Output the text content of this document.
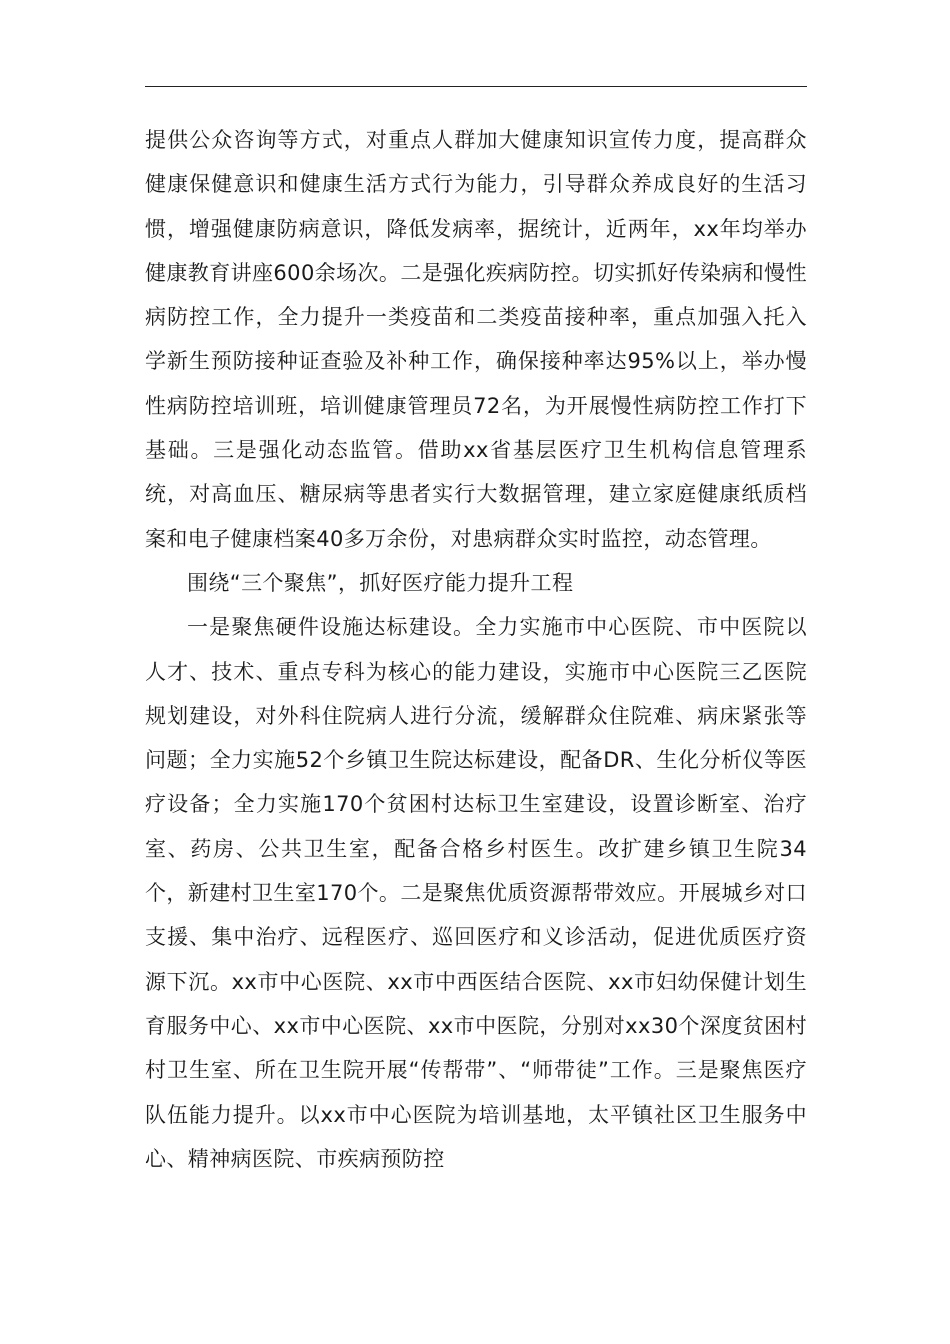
提供公众咨询等方式，对重点人群加大健康知识宣传力度，提高群众健康保健意识和健康生活方式行为能力，引导群众养成良好的生活习惯，增强健康防病意识，降低发病率，据统计，近两年，xx年均举办健康教育讲座600余场次。二是强化疾病防控。切实抓好传染病和慢性病防控工作，全力提升一类疫苗和二类疫苗接种率，重点加强入托入学新生预防接种证查验及补种工作，确保接种率达95%以上，举办慢性病防控培训班，培训健康管理员72名，为开展慢性病防控工作打下基础。三是强化动态监管。借助xx省基层医疗卫生机构信息管理系统，对高血压、糖尿病等患者实行大数据管理，建立家庭健康纸质档案和电子健康档案40多万余份，对患病群众实时监控，动态管理。

围绕“三个聚焦”，抓好医疗能力提升工程

一是聚焦硬件设施达标建设。全力实施市中心医院、市中医院以人才、技术、重点专科为核心的能力建设，实施市中心医院三乙医院规划建设，对外科住院病人进行分流，缓解群众住院难、病床紧张等问题；全力实施52个乡镇卫生院达标建设，配备DR、生化分析仪等医疗设备；全力实施170个贫困村达标卫生室建设，设置诊断室、治疗室、药房、公共卫生室，配备合格乡村医生。改扩建乡镇卫生院34个，新建村卫生室170个。二是聚焦优质资源帮带效应。开展城乡对口支援、集中治疗、远程医疗、巡回医疗和义诊活动，促进优质医疗资源下沉。xx市中心医院、xx市中西医结合医院、xx市妇幼保健计划生育服务中心、xx市中心医院、xx市中医院，分别对xx30个深度贫困村村卫生室、所在卫生院开展“传帮带”、“师带徒”工作。三是聚焦医疗队伍能力提升。以xx市中心医院为培训基地，太平镇社区卫生服务中心、精神病医院、市疾病预防控
